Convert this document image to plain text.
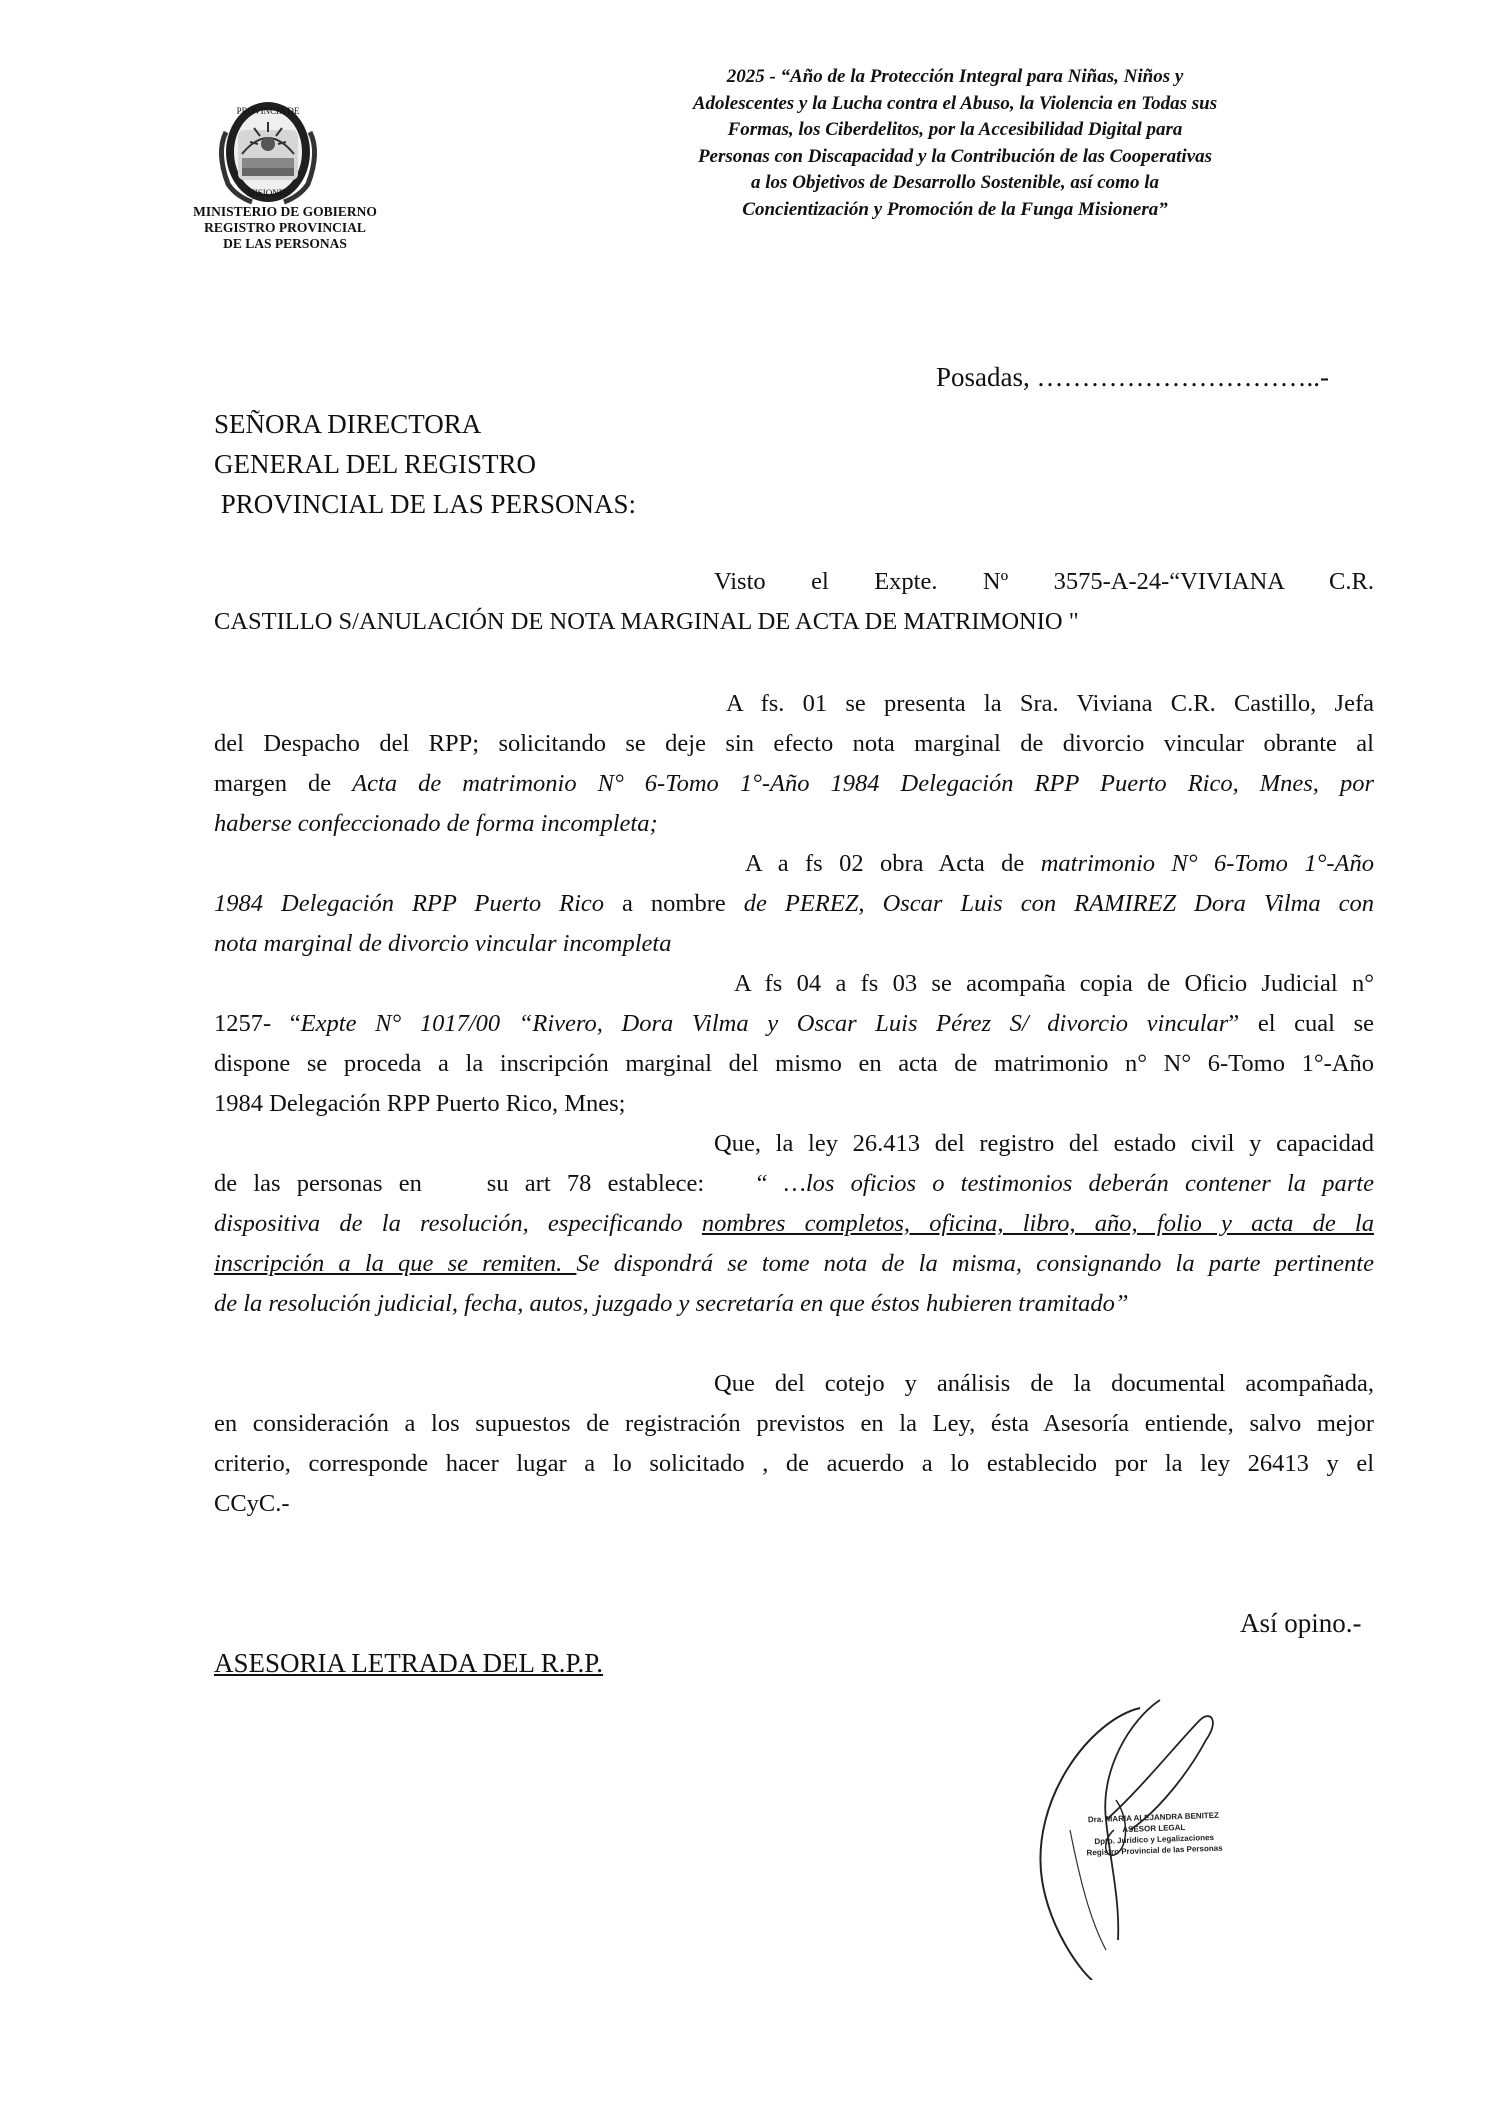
PROVINCIA DE
MISIONES
MINISTERIO DE GOBIERNO
REGISTRO PROVINCIAL
DE LAS PERSONAS
2025 - “Año de la Protección Integral para Niñas, Niños y
Adolescentes y la Lucha contra el Abuso, la Violencia en Todas sus
Formas, los Ciberdelitos, por la Accesibilidad Digital para
Personas con Discapacidad y la Contribución de las Cooperativas
a los Objetivos de Desarrollo Sostenible, así como la
Concientización y Promoción de la Funga Misionera”
Posadas, …………………………..-
SEÑORA DIRECTORA
GENERAL DEL REGISTRO
PROVINCIAL DE LAS PERSONAS:
Visto el Expte. Nº 3575-A-24-“VIVIANA C.R.
CASTILLO S/ANULACIÓN DE NOTA MARGINAL DE ACTA DE MATRIMONIO "
A fs. 01 se presenta la Sra. Viviana C.R. Castillo, Jefa
del Despacho del RPP; solicitando se deje sin efecto nota marginal de divorcio vincular obrante al
margen de Acta de matrimonio N° 6-Tomo 1°-Año 1984 Delegación RPP Puerto Rico, Mnes, por
haberse confeccionado de forma incompleta;
A a fs 02 obra Acta de matrimonio N° 6-Tomo 1°-Año
1984 Delegación RPP Puerto Rico a nombre de PEREZ, Oscar Luis con RAMIREZ Dora Vilma con
nota marginal de divorcio vincular incompleta
A fs 04 a fs 03 se acompaña copia de Oficio Judicial n°
1257- “Expte N° 1017/00 “Rivero, Dora Vilma y Oscar Luis Pérez S/ divorcio vincular” el cual se
dispone se proceda a la inscripción marginal del mismo en acta de matrimonio n° N° 6-Tomo 1°-Año
1984 Delegación RPP Puerto Rico, Mnes;
Que, la ley 26.413 del registro del estado civil y capacidad
de las personas en    su art 78 establece: “ …los oficios o testimonios deberán contener la parte
dispositiva de la resolución, especificando nombres completos, oficina, libro, año, folio y acta de la
inscripción a la que se remiten. Se dispondrá se tome nota de la misma, consignando la parte pertinente
de la resolución judicial, fecha, autos, juzgado y secretaría en que éstos hubieren tramitado”
Que del cotejo y análisis de la documental acompañada,
en consideración a los supuestos de registración previstos en la Ley, ésta Asesoría entiende, salvo mejor
criterio, corresponde hacer lugar a lo solicitado , de acuerdo a lo establecido por la ley 26413 y el
CCyC.-
Así opino.-
ASESORIA LETRADA DEL R.P.P.
Dra. MARIA ALEJANDRA BENITEZ
ASESOR LEGAL
Dpto. Jurídico y Legalizaciones
Registro Provincial de las Personas
